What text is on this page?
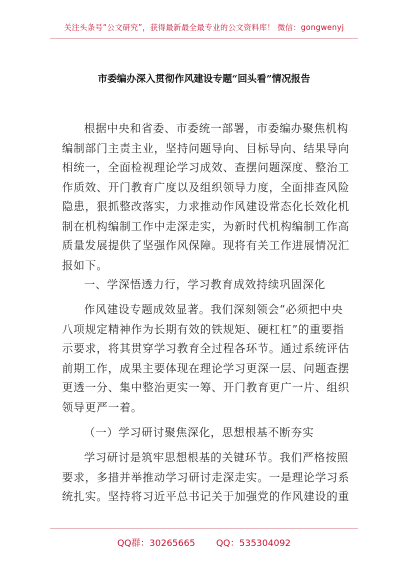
关注头条号“公文研究”，获得最新最全最专业的公文资料库！ 微信：gongwenyj
市委编办深入贯彻作风建设专题“回头看”情况报告
根据中央和省委、市委统一部署，市委编办聚焦机构
编制部门主责主业，坚持问题导向、目标导向、结果导向
相统一，全面检视理论学习成效、查摆问题深度、整治工
作质效、开门教育广度以及组织领导力度，全面排查风险
隐患，狠抓整改落实，力求推动作风建设常态化长效化机
制在机构编制工作中走深走实，为新时代机构编制工作高
质量发展提供了坚强作风保障。现将有关工作进展情况汇
报如下。
一、学深悟透力行，学习教育成效持续巩固深化
作风建设专题成效显著。我们深刻领会“必须把中央
八项规定精神作为长期有效的铁规矩、硬杠杠”的重要指
示要求，将其贯穿学习教育全过程各环节。通过系统评估
前期工作，成果主要体现在理论学习更深一层、问题查摆
更透一分、集中整治更实一筹、开门教育更广一片、组织
领导更严一着。
（一）学习研讨聚焦深化，思想根基不断夯实
学习研讨是筑牢思想根基的关键环节。我们严格按照
要求，多措并举推动学习研讨走深走实。一是理论学习系
统扎实。坚持将习近平总书记关于加强党的作风建设的重
QQ群：30265665 QQ：535304092
